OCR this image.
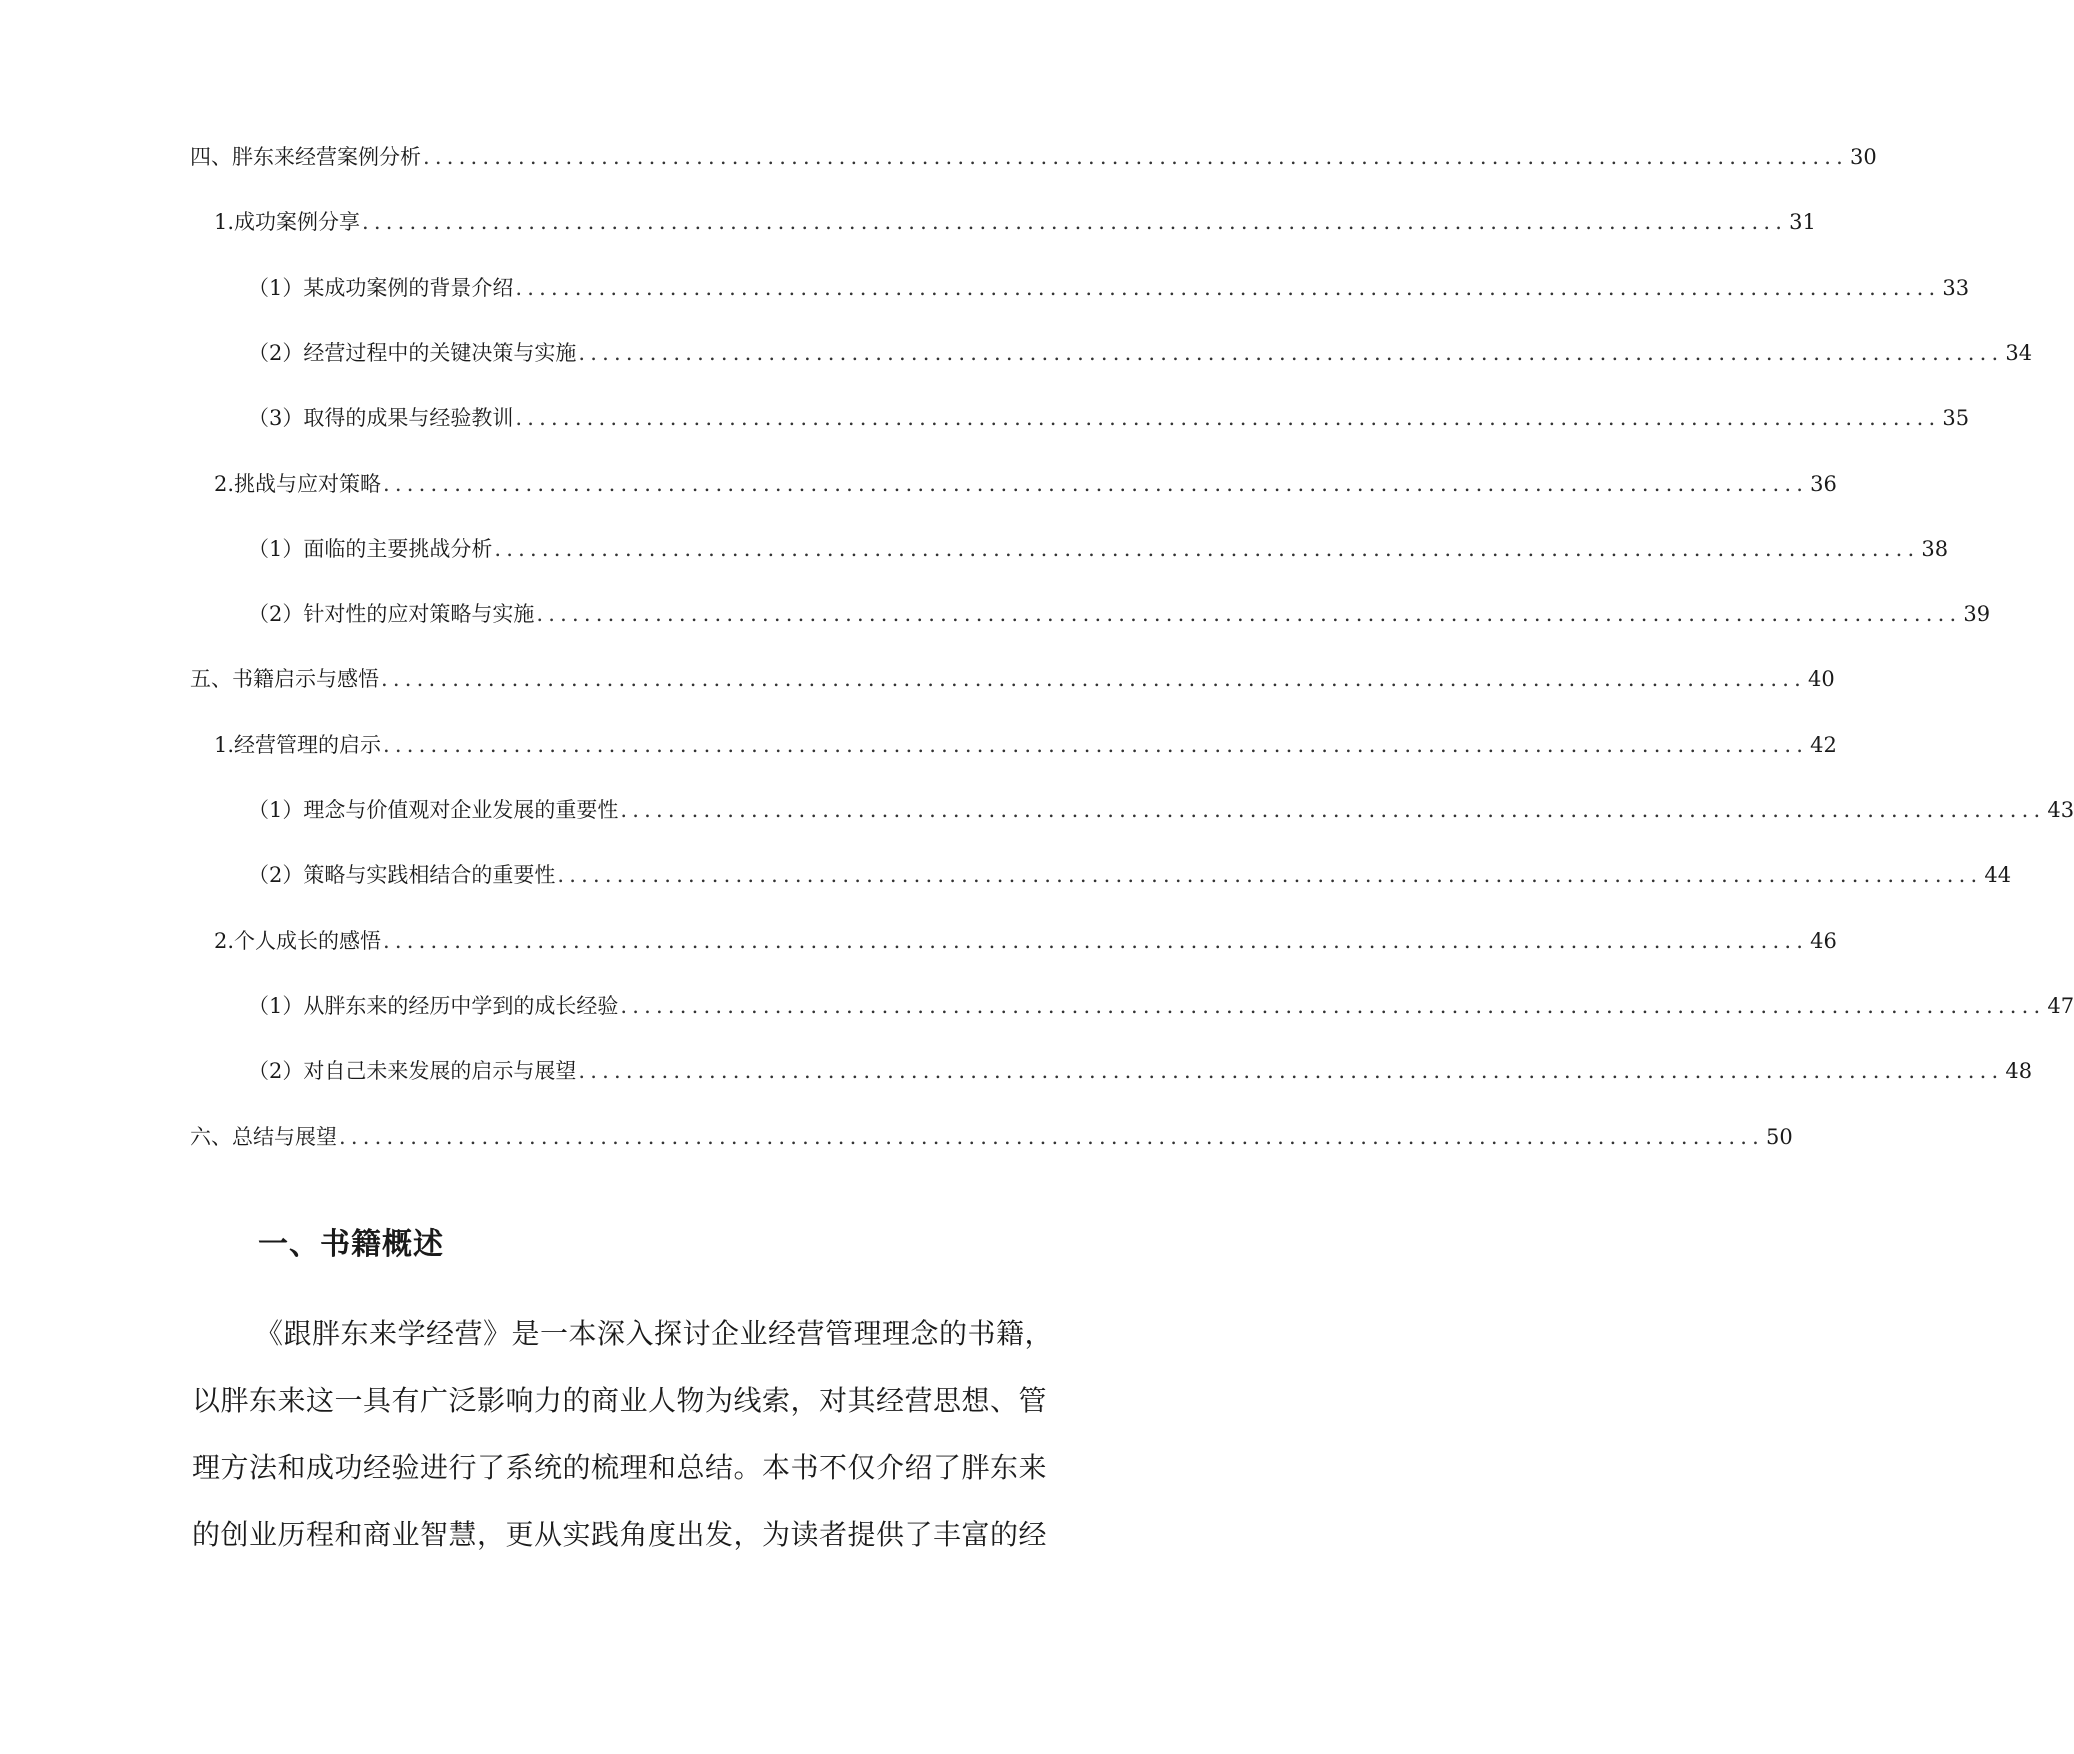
四、胖东来经营案例分析 ........................................................................................................................ 30
1. 成功案例分享 ........................................................................................................................ 31
（1）某成功案例的背景介绍 ........................................................................................................................ 33
（2）经营过程中的关键决策与实施 ........................................................................................................................ 34
（3）取得的成果与经验教训 ........................................................................................................................ 35
2. 挑战与应对策略 ........................................................................................................................ 36
（1）面临的主要挑战分析 ........................................................................................................................ 38
（2）针对性的应对策略与实施 ........................................................................................................................ 39
五、书籍启示与感悟 ........................................................................................................................ 40
1. 经营管理的启示 ........................................................................................................................ 42
（1）理念与价值观对企业发展的重要性 ........................................................................................................................ 43
（2）策略与实践相结合的重要性 ........................................................................................................................ 44
2. 个人成长的感悟 ........................................................................................................................ 46
（1）从胖东来的经历中学到的成长经验 ........................................................................................................................ 47
（2）对自己未来发展的启示与展望 ........................................................................................................................ 48
六、总结与展望 ........................................................................................................................ 50
一、书籍概述

《跟胖东来学经营》是一本深入探讨企业经营管理理念的书籍，
以胖东来这一具有广泛影响力的商业人物为线索，对其经营思想、管
理方法和成功经验进行了系统的梳理和总结。本书不仅介绍了胖东来
的创业历程和商业智慧，更从实践角度出发，为读者提供了丰富的经
